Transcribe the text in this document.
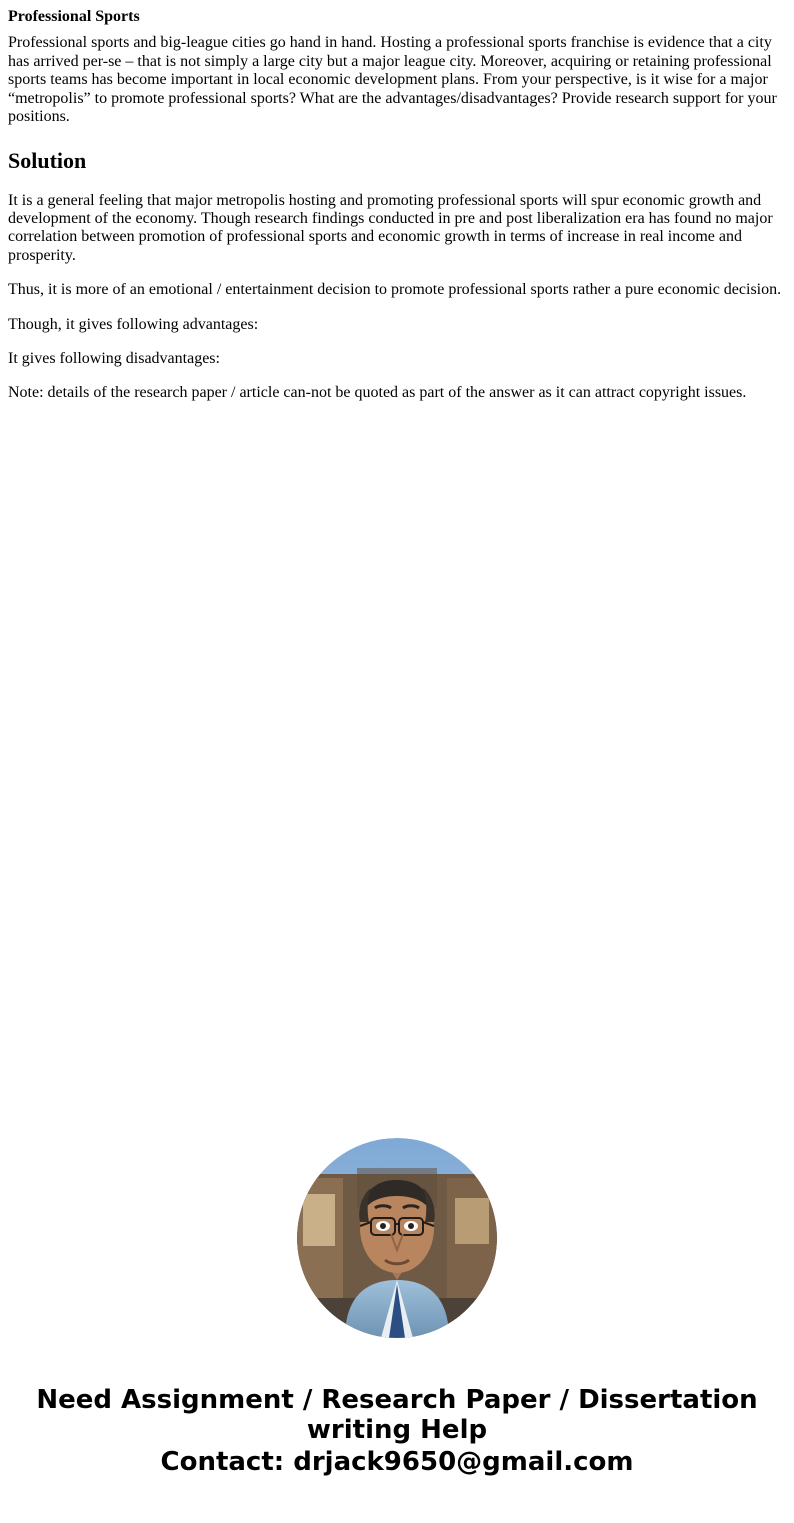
Professional Sports

Professional sports and big-league cities go hand in hand. Hosting a professional sports franchise is evidence that a city has arrived per-se – that is not simply a large city but a major league city. Moreover, acquiring or retaining professional sports teams has become important in local economic development plans. From your perspective, is it wise for a major “metropolis” to promote professional sports? What are the advantages/disadvantages? Provide research support for your positions.

Solution

It is a general feeling that major metropolis hosting and promoting professional sports will spur economic growth and development of the economy. Though research findings conducted in pre and post liberalization era has found no major correlation between promotion of professional sports and economic growth in terms of increase in real income and prosperity.

Thus, it is more of an emotional / entertainment decision to promote professional sports rather a pure economic decision.

Though, it gives following advantages:

It gives following disadvantages:

Note: details of the research paper / article can-not be quoted as part of the answer as it can attract copyright issues.

Need Assignment / Research Paper / Dissertation writing Help
Contact: drjack9650@gmail.com
